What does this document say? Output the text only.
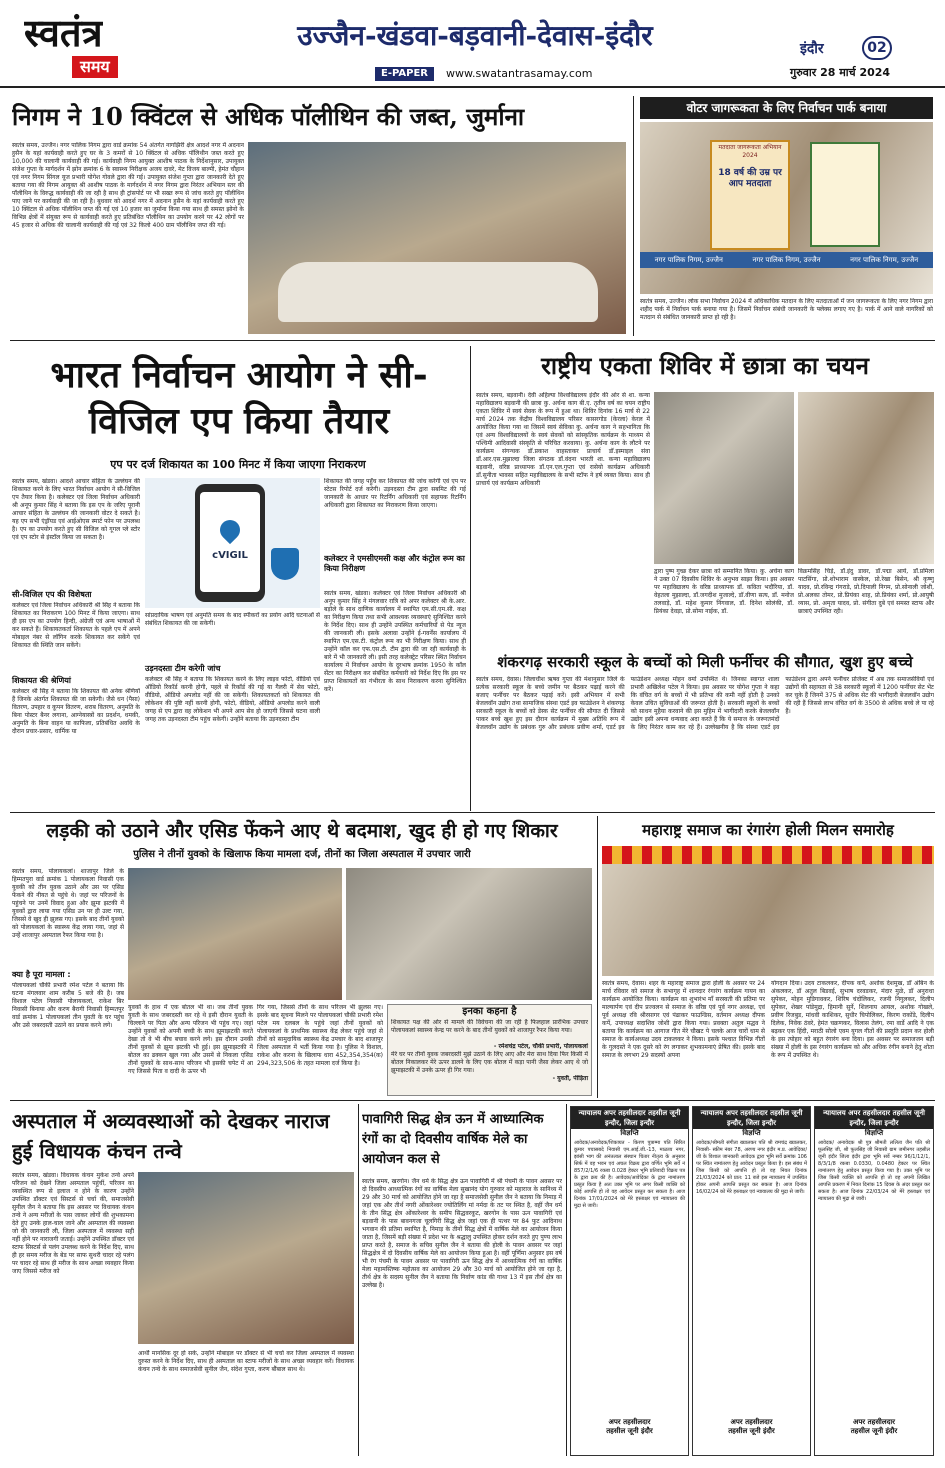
स्वतंत्र
समय
उज्जैन-खंडवा-बड़वानी-देवास-इंदौर
E-PAPER	www.swatantrasamay.com
इंदौर	02
गुरुवार 28 मार्च 2024
निगम ने 10 क्विंटल से अधिक पॉलीथिन की जब्त, जुर्माना
स्वतंत्र समय, उज्जैन। नगर पालिक निगम द्वारा वार्ड क्रमांक 54 अंतर्गत नागझिरी क्षेत्र आदर्श नगर में अदनान हुसैन के यहां कार्यवाही करते हुए घर के 3 कमरों से 10 क्विंटल से अधिक पॉलिथीन जब्त करते हुए 10,000 की चालानी कार्यवाही की गई। कार्यवाही निगम आयुक्त आशीष पाठक के निर्देशानुसार, उपायुक्त संजेश गुप्ता के मार्गदर्शन में झोन क्रमांक 6 के स्वास्थ्य निरीक्षक अजय दावरे, मेट विजय बाल्मी, हेमंत चौहान एवं नगर निगम सिंगल यूज प्रभारी योगेश गोवले द्वारा की गई। उपायुक्त संजेश गुप्ता द्वारा जानकारी देते हुए बताया गया की निगम आयुक्त श्री आशीष पाठक के मार्गदर्शन में नगर निगम द्वारा निरंतर अभियान स्तर की पॉलीथिन के विरुद्ध कार्यवाही की जा रही है साथ ही ट्रांसपोर्ट पर भी सख्त रूप से जांच करते हुए पॉलीथिन पाए जाने पर कार्यवाही की जा रही है। बुधवार को आदर्श नगर में अदनान हुसैन के यहां कार्यवाही करते हुए 10 क्विंटल से अधिक पॉलीथिन जप्त की गई एवं 10 हजार का जुर्माना किया गया साथ ही समस्त झोनो के विभिन्न क्षेत्रों में संयुक्त रूप से कार्यवाही करते हुए प्रतिबंधित पॉलीथिन का उपयोग करने पर 42 लोगों पर 45 हजार से अधिक की चालानी कार्यवाही की गई एवं 32 किलो 400 ग्राम पॉलीथिन जप्त की गई।
वोटर जागरूकता के लिए निर्वाचन पार्क बनाया
मतदाता जागरूकता अभियान 2024
18 वर्ष की उम्र पर आप मतदाता
नगर पालिक निगम, उज्जैन	नगर पालिक निगम, उज्जैन	नगर पालिक निगम, उज्जैन
स्वतंत्र समय, उज्जैन। लोक सभा निर्वाचन 2024 में अधिकाधिक मतदान के लिए मतदाताओं में जन जागरूकता के लिए नगर निगम द्वारा शहीद पार्क में निर्वाचन पार्क बनाया गया है। जिसमें निर्वाचन संबंधी जानकारी के फ्लेक्स लगाए गए है। पार्क में आने वाले नागरिकों को मतदान से संबंधित जानकारी प्राप्त हो रही है।
भारत निर्वाचन आयोग ने सी-विजिल एप किया तैयार
एप पर दर्ज शिकायत का 100 मिनट में किया जाएगा निराकरण
स्वतंत्र समय, खंडवा। आदर्श आचार संहिता के उल्लंघन की शिकायत करने के लिए भारत निर्वाचन आयोग ने सी-विजिल एप तैयार किया है। कलेक्टर एवं जिला निर्वाचन अधिकारी श्री अनूप कुमार सिंह ने बताया कि इस एप के जरिए पूरानी आचार संहिता के उल्लंघन की जानकारी वोटर दे सकते है। यह एप सभी एंड्रॉयड एवं आईओएस स्मार्ट फोन पर उपलब्ध है। एप का उपयोग करते हुए सी विजिल को गूगल प्ले स्टोर एवं एप स्टोर से इंस्टॉल किया जा सकता है।
सी-विजिल एप की विशेषता
कलेक्टर एवं जिला निर्वाचन अधिकारी श्री सिंह ने बताया कि शिकायत का निराकरण 100 मिनट में किया जाएगा। साथ ही इस एप का उपयोग हिन्दी, अंग्रेजी एवं अन्य भाषाओं में कर सकते हैं। शिकायतकर्ता शिकायत के पहले एप में अपने मोबाइल नंबर से लॉगिन करके शिकायत कर सकेंगे एवं शिकायत की स्थिति जान सकेंगे।
शिकायत की श्रेणियां
कलेक्टर श्री सिंह ने बताया कि शिकायत की अनेक श्रेणियों हैं जिनके अंतर्गत शिकायत की जा सकेगी। जैसे धन (पैसा) वितरण, उपहार व कूपन वितरण, शराब वितरण, अनुमति के बिना पोस्टर बैनर लगाना, आग्नेयास्त्रों का प्रदर्शन, धमकी, अनुमति के बिना वाहन या काफिला, प्रतिबंधित अवधि के दौरान प्रचार-प्रसार, धार्मिक या
cVIGIL
सांप्रदायिक भाषण एवं अनुमति समय के बाद स्पीकरों का प्रयोग आदि घटनाओं से संबंधित शिकायत की जा सकेगी।
उड़नदस्ता टीम करेगी जांच
कलेक्टर श्री सिंह ने बताया कि शिकायत करने के लिए लाइव फोटो, वीडियो एवं ऑडियो रिकॉर्ड करनी होगी, पहले से रिकॉर्ड की गई या गैलरी में सेव फोटो, वीडियो, ऑडियो अपलोड नहीं की जा सकेगी। शिकायतकर्ता को शिकायत की लोकेशन की पुष्टि नहीं करनी होगी, फोटो, वीडियो, ऑडियो अपलोड करने वाली जगह से एप द्वारा वह लोकेशन भी अपने आप सेव हो जाएगी जिससे घटना वाली जगह तक उड़नदस्ता टीम पहुंच सकेगी। उन्होंने बताया कि उड़नदस्ता टीम
शिकायत की जगह पहुँच कर शिकायत की जांच करेगी एवं एप पर स्टेटस रिपोर्ट दर्ज करेगी। उड़नदस्ता टीम द्वारा सबमिट की गई जानकारी के आधार पर रिटर्निंग अधिकारी एवं सहायक रिटर्निंग अधिकारी द्वारा शिकायत का निराकरण किया जाएगा।
कलेक्टर ने एमसीएमसी कक्ष और कंट्रोल रूम का किया निरीक्षण
स्वतंत्र समय, खंडवा। कलेक्टर एवं जिला निर्वाचन अधिकारी श्री अनूप कुमार सिंह ने मंगलवार रात्रि को अपर कलेक्टर श्री के.आर. बड़ोले के साथ दाणिक कार्यालय में स्थापित एम.सी.एम.सी. कक्ष का निरीक्षण किया तथा सभी आवश्यक व्यवस्थाएं सुनिश्चित करने के निर्देश दिए। साथ ही उन्होंने उपस्थित कर्मचारियों से पेड न्यूज की जानकारी ली। इसके अलावा उन्होंने ई-गवर्नेंस कार्यालय में स्थापित एम.एस.टी. कंट्रोल रूम का भी निरीक्षण किया। साथ ही उन्होंने कॉल कर एफ.एस.टी. टीम द्वारा की जा रही कार्यवाही के बारे में भी जानकारी ली। इसी तरह कलेक्ट्रेट परिसर स्थित निर्वाचन कार्यालय में निर्वाचन आयोग के दूरभाष क्रमांक 1950 के कॉल सेंटर का निरीक्षण कर संबंधित कर्मचारी को निर्देश दिए कि इस पर प्राप्त शिकायतों का गंभीरता के साथ निराकरण करना सुनिश्चित करें।
राष्ट्रीय एकता शिविर में छात्रा का चयन
स्वतंत्र समय, बड़वानी। देवी अहिल्या विश्वविद्यालय इंदौर की ओर से शा. कन्या महाविद्यालय बड़वानी की छात्रा कु. अर्चना काग बी.ए. तृतीय वर्ष का चयन राष्ट्रीय एकता शिविर में स्वयं सेवक के रूप में हुआ था। शिविर दिनांक 16 मार्च से 22 मार्च 2024 तक केंद्रीय विश्वविद्यालय परिसर कासरगोड (केरला) केरल में आयोजित किया गया था जिसमें स्वयं सेविका कु. अर्चना काग ने सहभागिता कि एवं अन्य विश्वविद्यालयों के स्वयं सेवकों को सांस्कृतिक कार्यक्रम के माध्यम से पश्चिमी आदिवासी संस्कृति से परिचित करवाया। कु. अर्चना काग के लौटने पर कार्यक्रम संगन्चक डॉ.प्रकाश वाहस्ताकर प्राचार्य डॉ.इस्माइल संवा डॉ.आर.एस.मुझाल्दा जिला संगठक डॉ.वंदना भारती शा. कन्या महाविद्यालय बड़वानी, वरिष्ठ प्राध्यापक डॉ.एन.एल.गुप्ता एवं रासेयो कार्यक्रम अधिकारी डॉ.सुनीता भावसा सहित महाविद्यालय के सभी स्टॉफ ने हर्ष व्यक्त किया। साथ ही प्राचार्य एवं कार्यक्रम अधिकारी
द्वारा पुष्प गुच्छ देकर छात्रा को सम्मानित किया। कु. अर्चना काग ने उक्त 07 दिवसीय शिविर के अनुभव साझा किया। इस अवसर पर महाविद्यालय के वरिष्ठ प्राध्यापक डॉ. कविता भदौरिया, डॉ. वेहतला मुझाल्दा, डॉ.जगदीश मुजाल्दे, डॉ.वीणा सत्य, डॉ. मनोज तलवाड़े, डॉ. महेश कुमार निंगवाल, डॉ. दिनेश सोलंकी, डॉ. प्रियंका देवड़ा, प्रो.सोमा नाईक, डॉ.
विक्रमसिंह चिड़े, डॉ.इंदु डावर, डॉ.पद्मा आर्य, डॉ.प्रमिला पाटसिंगा, प्रो.शोभाराम वास्केल, प्रो.रेखा बिसेन, श्री कृष्णु यादव, प्रो.रविन्द्र गंगराडे, प्रो.दिपाली निगम, प्रो.सोनाली जोशी, प्रो.अलका तोमर, प्रो.प्रियंका शाह, प्रो.प्रियंका शर्मा, प्रो.आयुषी व्यास, प्रो. अमृता यादव, प्रो. संगीता दुबे एवं समस्त स्टाफ और छात्राएं उपस्थित रही।
शंकरगढ़ सरकारी स्कूल के बच्चों को मिली फर्नीचर की सौगात, खुश हुए बच्चे
स्वतंत्र समय, देवास। जिलाधीश ऋषव गुप्ता की मंशानुसार जिले के प्रत्येक सरकारी स्कूल के बच्चे जमीन पर बैठकर पढ़ाई करने की बजाए फर्नीचर पर बैठकर पढ़ाई करें। इसी अभियान में सभी बेजलवॉन उद्योग तथा सामाजिक संस्था एडर्ट इव फाउंडेशन ने शंकरगढ़ सरकारी स्कूल के बच्चों को डेस्क सेट फर्नीचर की सौगात दी जिससे पाकर बच्चे खुश हुए इस दौरान कार्यक्रम में मुख्य अतिथि रूप में बेजलवॉन उद्योग के प्रबंधक गुरु और प्रबंधक प्रवीण शर्मा, एडर्ट इव फाउंडेशन अध्यक्ष मोहन वर्मा उपस्थित थे। जिनका स्वागत शाला प्रभारी अखिलेश पटेल ने किया। इस अवसर पर योगेश गुप्ता ने कहा कि वंचित वर्ग के बच्चों में भी प्रतिभा की कमी नहीं होती है उनको केवल उचित सुविधाओं की जरूरत होती है। सरकारी स्कूलों के बच्चों को साधन मुहैया करवाने की इस मुहिम में भागीदारी करके बेजलवॉन उद्योग इसी अपना धन्यवाद अदा करते हैं कि ये समाज के जरूरतमंदों के लिए निरंतर काम कर रहे हैं। उल्लेखनीय है कि संस्था एडर्ट इव फाउंडेशन द्वारा अपने फर्नीचर प्रोजेक्ट में अब तक समाजसेवियों एवं उद्योगों की सहायता से 38 सरकारी स्कूलों में 1200 फर्नीचर सेट भेंट कर चुके हैं जिनमें 375 से अधिक सेट की भागीदारी बेजलवॉन उद्योग की रही हैं जिससे लाभ वंचित वर्ग के 3500 से अधिक बच्चे ले पा रहे हैं।
लड़की को उठाने और एसिड फेंकने आए थे बदमाश, खुद ही हो गए शिकार
पुलिस ने तीनों युवको के खिलाफ किया मामला दर्ज, तीनों का जिला अस्पताल में उपचार जारी
स्वतंत्र समय, पोलायकलां। शाजापुर जिले के हिम्मतपुरा वार्ड क्रमांक 1 पोलायकला निवासी एक युवकी को तीन युवक उठाने और उस पर एसिड फेंकने की नीयत से पहुंचे थे। जहां पर परिजनों के पहुंचने पर उनमें विवाद हुआ और झूमा झटकी में युवकों द्वारा लाया गया एसिड उन पर ही उल्ट गया, जिससे वे खुद ही झुलस गए। इसके बाद तीनों युवको को पोलायकलां के स्वास्थ्य केंद्र लाया गया, जहां से उन्हें शाजापुर अस्पताल रैफर किया गया है।
क्या है पूरा मामला :
पोलायकलां चौकी प्रभारी रमेश पटेल ने बताया कि घटना मंगलवार शाम करीब 5 बजे की है। जब विशाल पटेल निवासी पोलायकलां, राकेश बिर निवासी बिनाया और करण बैरागी निवासी हिम्मतपुर वार्ड क्रमांक 1 पोलायकलां तीन युवती के घर पहुंच और उसे जबरदस्ती उठाने का प्रयास करने लगे।
युवकों के हाथ में एक बोतल भी था। जब तीनों युवक युवती के साथ जबरदस्ती कर रहे थे इसी दौरान युवती के चिल्लाने पर पिता और अन्य परिजन भी पहुंच गए। जहां उन्होंने युवकों को अपनी बच्ची के साथ झूमाझटकी करते देखा तो वे भी बीच बचाव करने लगे। इस दौरान उनकी तीनों युवकों से झूमा झटकी भी हुई। इस झूमाझटकी में बोतल का ढक्कन खुल गया और उसमें से निकला एसिड तीनों युवकों के साथ-साथ परिजन भी इसकी चपेट में आ गए जिससे पिता व दादी के ऊपर भी
गिर गया, जिससे तीनों के साथ परिजन भी झुलस गए। इसके बाद सूचना मिलने पर पोलायकलां चौकी प्रभारी रमेश पटेल मय दलबल के पहुंचे जहां तीनों युवकों को पोलायकलां के प्राथमिक स्वास्थ्य केंद्र लेकर पहुंचे जहां से तीनों को सामुदायिक स्वास्थ्य केंद्र उपचार के बाद शाजापुर जिला अस्पताल में भर्ती किया गया है। पुलिस ने विशाल, राकेश और करना के खिलाफ धारा 452,354,354(क) 294,323,506 के तहत मामला दर्ज किया है।
इनका कहना है
शिकायत पक्ष की ओर से मामले की विवेचना की जा रही है फिलहाल प्रारंभिक उपचार पोलायकलां स्वास्थ्य केन्द्र पर करने के बाद तीनों युवकों को शाजापुर रैफर किया गया।
- रमेशचंद्र पटेल, चौकी प्रभारी, पोलायकलां
मेरे घर पर तीनों युवक जबरदस्ती मुझे उठाने के लिए आए और मेरा साथ दिया फिर किसी में बोतल निकालकर मेरे ऊपर डालने के लिए एक बोतल में कड़ा पानी जैसा लेकर आए थे जो झूमाझटकी में उनके ऊपर ही गिर गया।
- युवती, पीड़िता
महाराष्ट्र समाज का रंगारंग होली मिलन समारोह
स्वतंत्र समय, देवास। शहर के महाराष्ट्र समाज द्वारा होली के अवसर पर 24 मार्च रविवार को समाज के सभागृह में शानदार रंगारंग कार्यक्रम गायन का कार्यक्रम आयोजित किया। कार्यक्रम का शुभारंभ माँ सरस्वती की प्रतिमा पर माल्यार्पण एवं दीप प्रज्वलन से समाज के वरिष्ठ एवं पूर्व नगर अध्यक्ष, एवं पूर्व अध्यक्ष रवि श्रीरसागर एवं पंढाकर फाउन्डिस, वर्तमान अध्यक्ष दीपक कर्पे, उपाध्यक्ष सदाशिव जोशी द्वारा किया गया। प्रवक्ता अतुल मद्धव ने बताया कि कार्यक्रम का आगाज गीत मेरे चौखट पे चलके आज चारों धाम से समाज के कार्यअध्यक्ष उदय टाकलकर ने किया। इसके पश्चात विभिन्न गीतों के गुलदस्ते ने एक दूसरे को रंग लगाकर शुभकामनाएं प्रेषित की। इसके बाद समाज के लगभग 29 सदस्यों अपना
योगदान दिया। उदय टाकलकर, दीपक कर्पे, अशोक देशमुख, डॉ अंबिन के अंकलकर, डॉ अतुल बिडवई, सुभाष दरवडकर, मंदार मुळे, डॉ अनुराधा सुपेकर, मोहन मुडिगावकर, शिरिष चंदोलिकर, रजनी निगुलकर, दिलीप सुपेकर, शेखर पांडेमुद्रा, हिमानी सुर्ने, शिलनाय आयल, अशोक गोखले, प्रवीण रिजबुड, मांधवी काशिकर, सुधीर चिपोलिकर, किरण राकोंडे, दिलीप दिलेक, निवेक ठंवरे, हेमंत चक्रणकर, विलास तेलंग, रमा वार्डे आदि ने एक बढ़कर एक हिंदी, मराठी सोलो एवम युगल गीतों की प्रस्तुति प्रदान कर होली के इस त्योहार को बहुत रंगारंग बना दिया। इस अवसर पर समाजजन बड़ी संख्या में होली के इस रंगारंग कार्यक्रम को और अधिक रंगीन बनाने हेतु शोता के रूप में उपस्थित थे।
अस्पताल में अव्यवस्थाओं को देखकर नाराज हुई विधायक कंचन तन्वे
स्वतंत्र समय, खंडवा। विधायक कंचन मुकेश तन्वे अपने परिजन को देखने जिला अस्पताल पहुंचीं, परिजन का व्यवस्थित रूप से इलाज न होने के कारण उन्होंने उपस्थित डॉक्टर एवं सिस्टर्स से चर्चा की, समाजसेवी सुनील जैन ने बताया कि इस अवसर पर विधायक कंचन तन्वे ने अन्य मरीजों के पास जाकर लोगों की शुभकामना देते हुए उनके हाल-चाल जाने और अस्पताल की व्यवस्था जो की जानकारी ली, जिला अस्पताल में व्यवस्था सही नहीं होने पर नाराजगी जताई। उन्होंने उपस्थित डॉक्टर एवं स्टाफ सिस्टर्स से पलंग उपलब्ध करने के निर्देश दिए, साथ ही हर समय मरीज के बेड पर साफ सुथरी चादर रहे पलंग पर चादर रहे साथ ही मरीज के साथ अच्छा व्यवहार किया जाए जिससे मरीज को
आर्थी मानसिक दूर हो सके, उन्होंने मोबाइल पर डॉक्टर से भी चर्चा कर जिला अस्पताल में व्यवस्था दुरुस्त करने के निर्देश दिए, साथ ही अस्पताल का स्टाफ मरीजों के साथ अच्छा व्यवहार करें। विधायक कंचन तन्वे के साथ समाजसेवी सुनील जैन, संदेश गुप्ता, करण बौंबाल साथ थे।
पावागिरी सिद्ध क्षेत्र ऊन में आध्यात्मिक रंगों का दो दिवसीय वार्षिक मेले का आयोजन कल से
स्वतंत्र समय, खरगोन। जैन धर्म के सिद्ध क्षेत्र ऊन पावागिरी में श्री पंचमी के पावन अवसर पर दो दिवसीय आध्यात्मिक रंगों का वार्षिक मेला सुखानंद योग गुरुवार को महाराज के सानिध्य में 29 और 30 मार्च को आयोजित होने जा रहा है समाजसेवी सुनील जैन ने बताया कि निमाड़ में जहां एक और तीर्थ नगरी ओंकारेश्वर ज्योतिर्लिंग मां नर्मदा के तट पर स्थित है, वहीं जैन धर्म के तीन सिद्ध क्षेत्र ओंकारेश्वर के समीप सिद्धवरकूट, खरगोन के पास ऊन पावागिरी एवं बड़वानी के पास बावनगजा चूलगिरी सिद्ध क्षेत्र जहां एक ही पत्थर पर 84 फुट आदिनाथ भगवान की प्रतिमा स्थापित है, निमाड़ के तीनों सिद्ध क्षेत्रों में वार्षिक मेले का आयोजन किया जाता है, जिसमें बड़ी संख्या में प्रदेश भर के श्रद्धालु उपस्थित होकर दर्शन करते हुए पुण्य लाभ प्राप्त करते है, समाज के सचिव सुनील जैन ने बताया की होली के पावन अवसर पर जहां सिद्धक्षेत्र में दो दिवसीय वार्षिक मेले का आयोजन किया हुआ है। वहीं पूर्णिमा अनुसार इस वर्ष भी रंग पंचमी के पावन अवसर पर पावागिरी ऊन सिद्ध क्षेत्र में आध्यात्मिक रंगों का वार्षिक मेला महामस्तिष्क महोत्सव का आयोजन 29 और 30 मार्च को आयोजित होने जा रहा है, तीर्थ क्षेत्र के सदस्य सुनील जैन ने बताया कि निर्वाण कांड की गाथा 13 में इस तीर्थ क्षेत्र का उल्लेख है।
न्यायालय अपर तहसीलदार तहसील जूनी इन्दौर, जिला इन्दौर
विज्ञप्ति
आवेदक/अनावेदक/शिकायत - किरण पुत्राम्मा पति सिरित कुमार पचासबदे निवासी एम.आई.जी.-13, माळव्य नगर, झांसी भाग की अनंतलाल संस्थान चितार नीतृत्व के अनुसार सिर्फ में वह भवन एवं अचल विक्रय द्वारा वर्णित भूमि सर्वे नं 857/2/1/6 रकबा 0.028 हेक्टर भूमि प्रतिवादी विक्रय पत्र के द्वारा क्रय की है। आवेदक/आवेदिका के द्वारा नामांतरण प्रस्तुत किया है अतः उक्त भूमि पर अगर किसी व्यक्ति को कोई आपत्ति हो तो वह आवेदन प्रस्तुत कर सकता है। आज दिनांक 17/01/2024 को मेरे हस्ताक्षर एवं न्यायालय की मुद्रा से जारी।
अपर तहसीलदार
तहसील जूनी इंदौर
न्यायालय अपर तहसीलदार तहसील जूनी इन्दौर, जिला इन्दौर
विज्ञप्ति
आवेदक/श्रीमती संगीता ख्यालकर पति श्री रामचंद्र ख्यालकर, निवासी- स्कीम नंबर 78, अरण्य नगर इंदौर म.प्र. आवेदिका/ जी के विशाल जानकारी आवेदक द्वारा भूमि सर्वे क्रमांक 106 पर स्थित नामांतरण हेतु आवेदन प्रस्तुत किया है। इस संबंध में जिस किसी को आपत्ति हो तो वह नियत दिनांक 21/03/2024 को प्रात: 11 बजे इस न्यायालय में उपस्थित होकर अपनी आपत्ति प्रस्तुत कर सकता है। आज दिनांक 16/02/24 को मेरे हस्ताक्षर एवं न्यायालय की मुद्रा से जारी।
अपर तहसीलदार
तहसील जूनी इंदौर
न्यायालय अपर तहसीलदार तहसील जूनी इन्दौर, जिला इन्दौर
विज्ञप्ति
आवेदक/ अनावेदक श्री पुत्र श्रीमती ललिता जैन पति श्री फूलसिंह जी, श्री फूलसिंह जी निवासी ग्राम जमीनगर तहसील जूनी इंदौर जिला इंदौर द्वारा भूमि सर्वे नम्बर 96/1/12/1, 8/3/1/8 रकबा 0.0330, 0.0480 हेक्टर पर स्थित नामांतरण हेतु आवेदन प्रस्तुत किया गया है। उक्त भूमि पर जिस किसी व्यक्ति को आपत्ति हो तो वह अपनी लिखित आपत्ति प्रकरण में नियत दिनांक 15 दिवस के अंदर प्रस्तुत कर सकता है। आज दिनांक 22/03/24 को मेरे हस्ताक्षर एवं न्यायालय की मुद्रा से जारी।
अपर तहसीलदार
तहसील जूनी इंदौर
